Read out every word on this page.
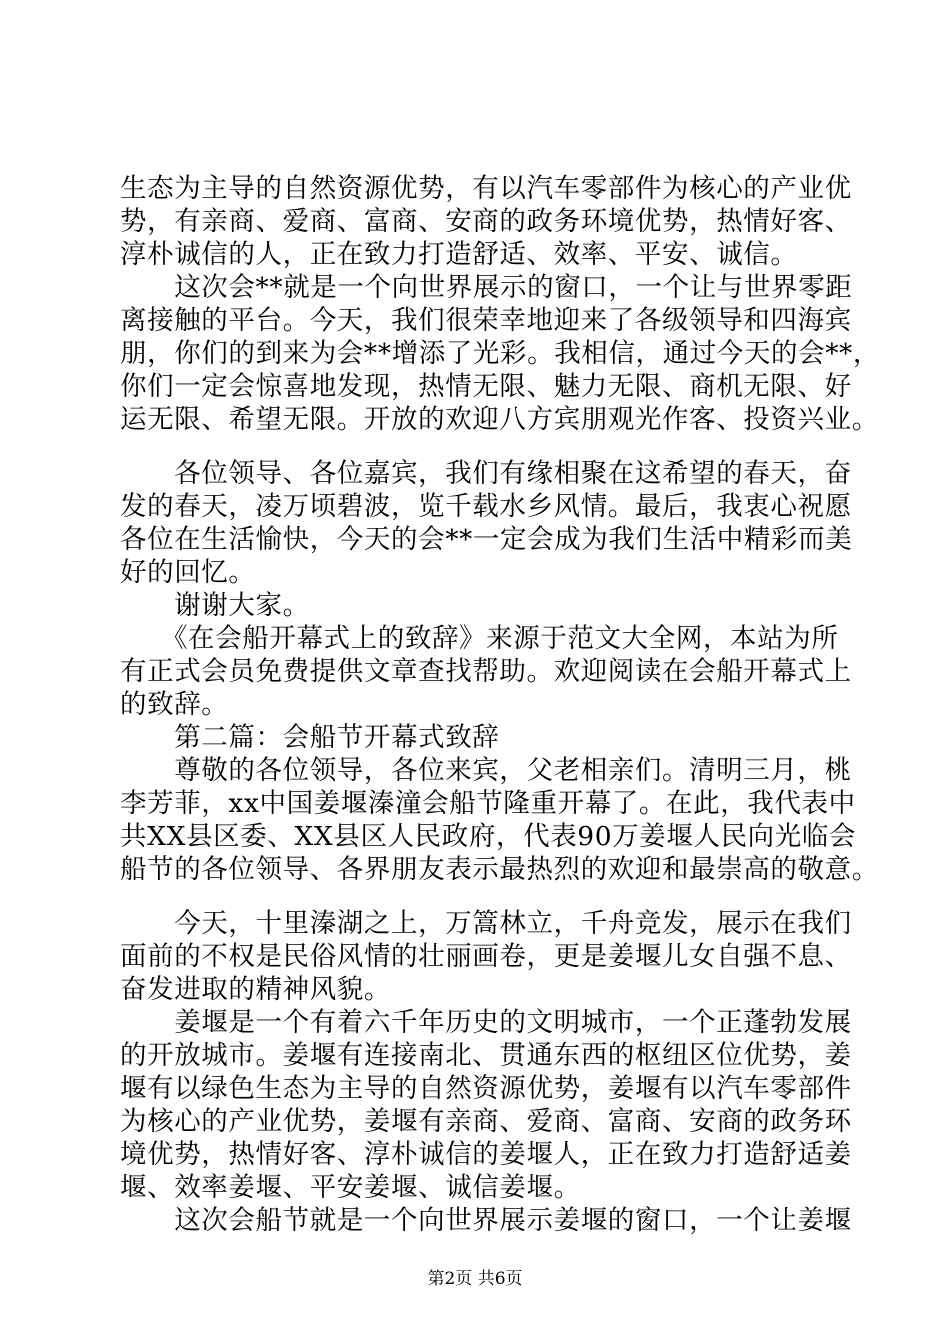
生态为主导的自然资源优势，有以汽车零部件为核心的产业优

势，有亲商、爱商、富商、安商的政务环境优势，热情好客、

淳朴诚信的人，正在致力打造舒适、效率、平安、诚信。

　　这次会**就是一个向世界展示的窗口，一个让与世界零距

离接触的平台。今天，我们很荣幸地迎来了各级领导和四海宾

朋，你们的到来为会**增添了光彩。我相信，通过今天的会**，

你们一定会惊喜地发现，热情无限、魅力无限、商机无限、好

运无限、希望无限。开放的欢迎八方宾朋观光作客、投资兴业。

　　各位领导、各位嘉宾，我们有缘相聚在这希望的春天，奋

发的春天，凌万顷碧波，览千载水乡风情。最后，我衷心祝愿

各位在生活愉快，今天的会**一定会成为我们生活中精彩而美

好的回忆。

　　谢谢大家。

　　《在会船开幕式上的致辞》来源于范文大全网，本站为所

有正式会员免费提供文章查找帮助。欢迎阅读在会船开幕式上

的致辞。

　　第二篇：会船节开幕式致辞

　　尊敬的各位领导，各位来宾，父老相亲们。清明三月，桃

李芳菲，xx中国姜堰溱潼会船节隆重开幕了。在此，我代表中

共XX县区委、XX县区人民政府，代表90万姜堰人民向光临会

船节的各位领导、各界朋友表示最热烈的欢迎和最崇高的敬意。

　　今天，十里溱湖之上，万篙林立，千舟竞发，展示在我们

面前的不权是民俗风情的壮丽画卷，更是姜堰儿女自强不息、

奋发进取的精神风貌。

　　姜堰是一个有着六千年历史的文明城市，一个正蓬勃发展

的开放城市。姜堰有连接南北、贯通东西的枢纽区位优势，姜

堰有以绿色生态为主导的自然资源优势，姜堰有以汽车零部件

为核心的产业优势，姜堰有亲商、爱商、富商、安商的政务环

境优势，热情好客、淳朴诚信的姜堰人，正在致力打造舒适姜

堰、效率姜堰、平安姜堰、诚信姜堰。

　　这次会船节就是一个向世界展示姜堰的窗口，一个让姜堰

第2页 共6页
